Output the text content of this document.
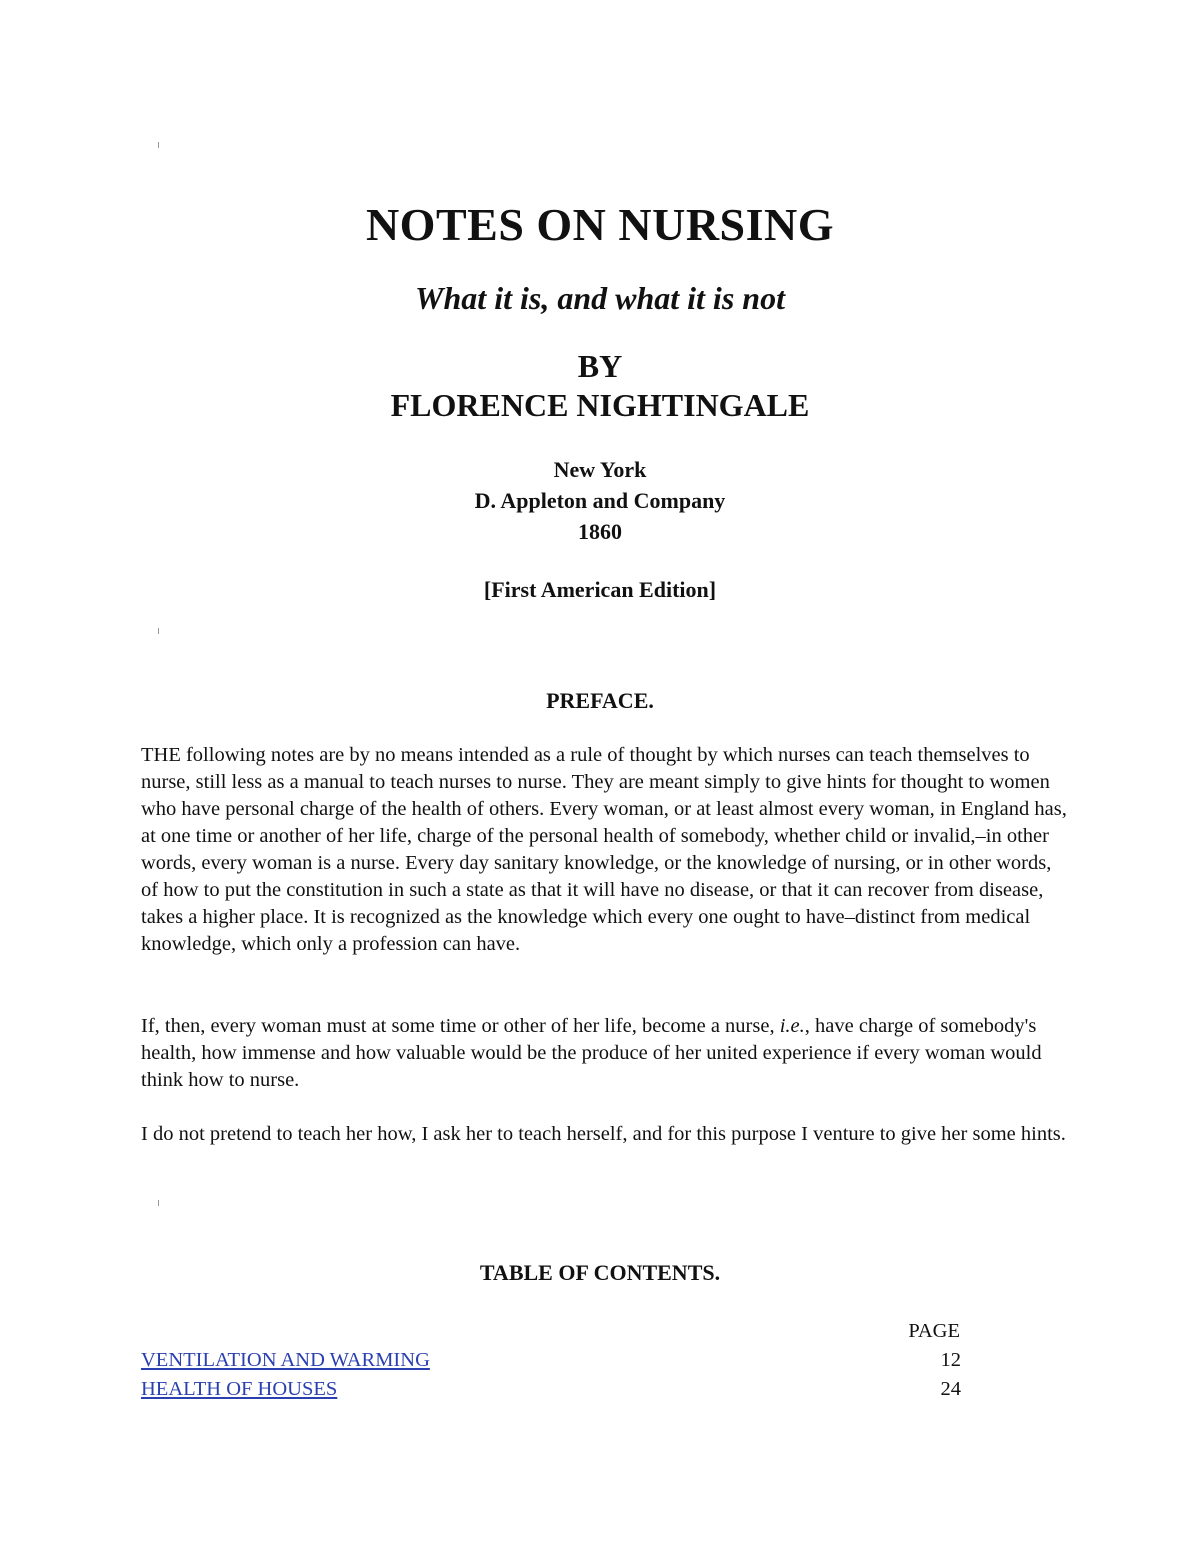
NOTES ON NURSING
What it is, and what it is not
BY
FLORENCE NIGHTINGALE
New York
D. Appleton and Company
1860
[First American Edition]
PREFACE.

THE following notes are by no means intended as a rule of thought by which nurses can teach themselves to nurse, still less as a manual to teach nurses to nurse. They are meant simply to give hints for thought to women who have personal charge of the health of others. Every woman, or at least almost every woman, in England has, at one time or another of her life, charge of the personal health of somebody, whether child or invalid,–in other words, every woman is a nurse. Every day sanitary knowledge, or the knowledge of nursing, or in other words, of how to put the constitution in such a state as that it will have no disease, or that it can recover from disease, takes a higher place. It is recognized as the knowledge which every one ought to have–distinct from medical knowledge, which only a profession can have.

If, then, every woman must at some time or other of her life, become a nurse, i.e., have charge of somebody's health, how immense and how valuable would be the produce of her united experience if every woman would think how to nurse.

I do not pretend to teach her how, I ask her to teach herself, and for this purpose I venture to give her some hints.

TABLE OF CONTENTS.
PAGE
VENTILATION AND WARMING	12
HEALTH OF HOUSES	24
